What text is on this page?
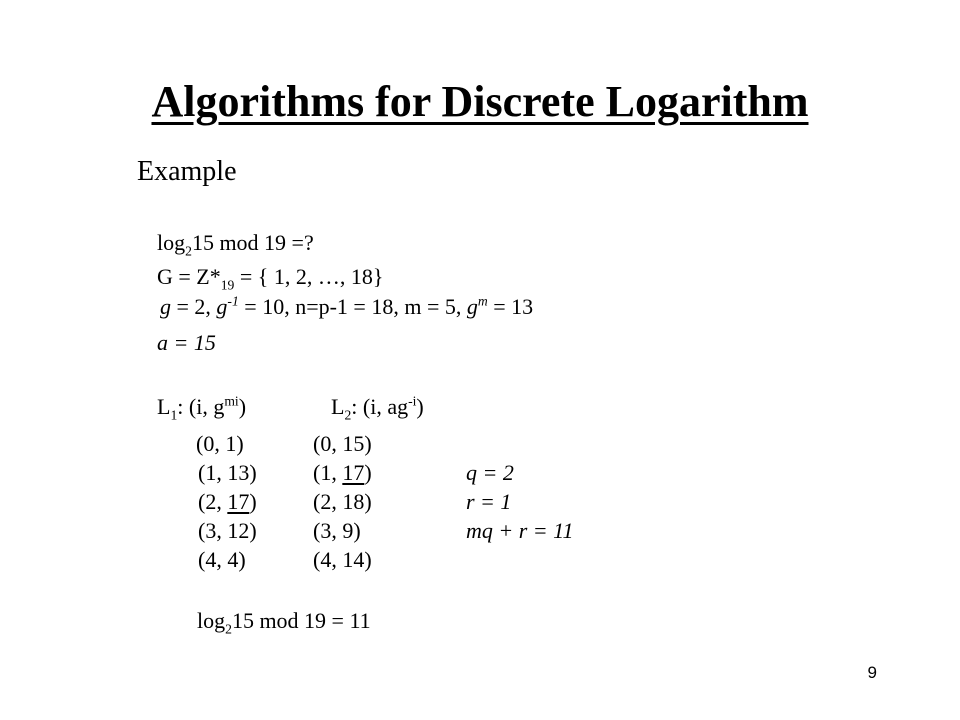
Algorithms for Discrete Logarithm
Example
$\log_215$ mod 19 =?
$G = Z*_{19}$ = { 1, 2, …, 18}
g = 2, $g^{-1} = 10$, n=p-1 = 18, m = 5, $g^m = 13$
a = 15
$L_1$: (i, $g^{mi}$)	$L_2$: (i, $ag^{-i}$)
(0, 1)	(0, 15)
(1, 13)	(1, 17)	q = 2
(2, 17)	(2, 18)	r = 1
(3, 12)	(3, 9)	mq + r = 11
(4, 4)	(4, 14)
$\log_215$ mod 19 = 11
9
